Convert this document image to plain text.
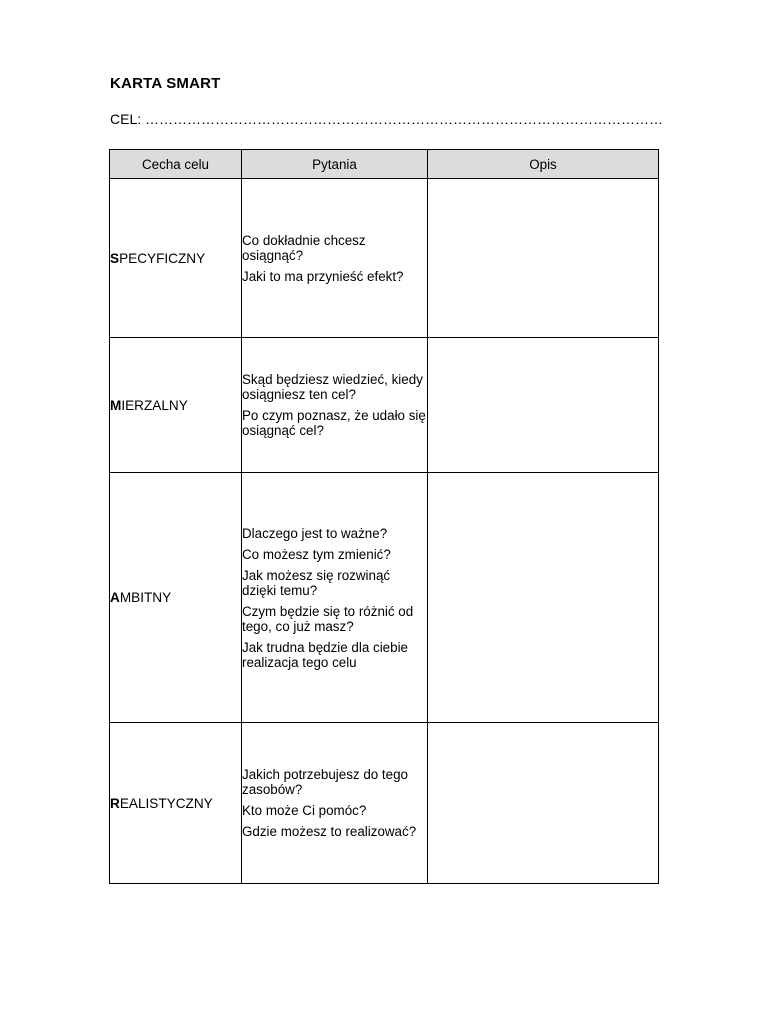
KARTA SMART
CEL: …………………………………………………………………………………………………
Cecha celu	Pytania	Opis
SPECYFICZNY	Co dokładnie chcesz osiągnąć?

Jaki to ma przynieść efekt?	

MIERZALNY	Skąd będziesz wiedzieć, kiedy osiągniesz ten cel?

Po czym poznasz, że udało się osiągnąć cel?	

AMBITNY	Dlaczego jest to ważne?

Co możesz tym zmienić?

Jak możesz się rozwinąć dzięki temu?

Czym będzie się to różnić od tego, co już masz?

Jak trudna będzie dla ciebie realizacja tego celu	

REALISTYCZNY	Jakich potrzebujesz do tego zasobów?

Kto może Ci pomóc?

Gdzie możesz to realizować?	
